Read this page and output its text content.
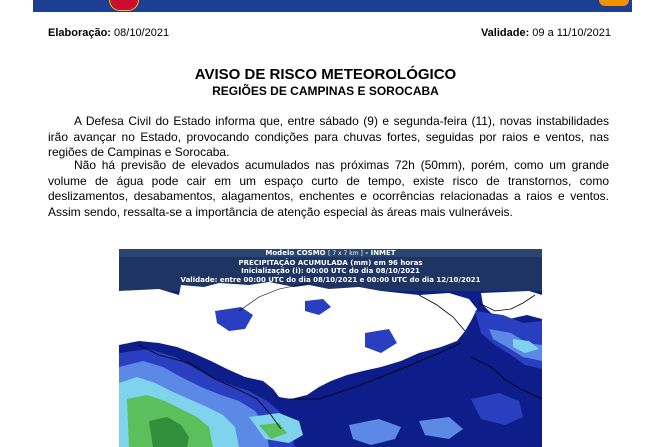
Elaboração: 08/10/2021	Validade: 09 a 11/10/2021
AVISO DE RISCO METEOROLÓGICO
REGIÕES DE CAMPINAS E SOROCABA

A Defesa Civil do Estado informa que, entre sábado (9) e segunda-feira (11), novas instabilidades irão avançar no Estado, provocando condições para chuvas fortes, seguidas por raios e ventos, nas regiões de Campinas e Sorocaba.

Não há previsão de elevados acumulados nas próximas 72h (50mm), porém, como um grande volume de água pode cair em um espaço curto de tempo, existe risco de transtornos, como deslizamentos, desabamentos, alagamentos, enchentes e ocorrências relacionadas a raios e ventos. Assim sendo, ressalta-se a importância de atenção especial às áreas mais vulneráveis.

Modelo COSMO [ 7 x 7 km ] - INMET
PRECIPITAÇÃO ACUMULADA (mm) em 96 horas
Inicialização (i): 00:00 UTC do dia 08/10/2021
Validade: entre 00:00 UTC do dia 08/10/2021 e 00:00 UTC do dia 12/10/2021
